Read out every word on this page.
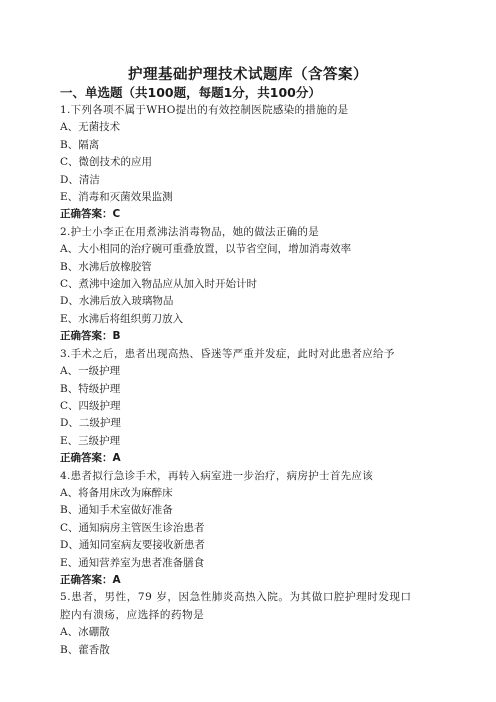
护理基础护理技术试题库（含答案）
一、单选题（共100题，每题1分，共100分）
1.下列各项不属于WHO提出的有效控制医院感染的措施的是
A、无菌技术
B、隔离
C、微创技术的应用
D、清洁
E、消毒和灭菌效果监测
正确答案：C
2.护士小李正在用煮沸法消毒物品，她的做法正确的是
A、大小相同的治疗碗可重叠放置，以节省空间，增加消毒效率
B、水沸后放橡胶管
C、煮沸中途加入物品应从加入时开始计时
D、水沸后放入玻璃物品
E、水沸后将组织剪刀放入
正确答案：B
3.手术之后，患者出现高热、昏迷等严重并发症，此时对此患者应给予
A、一级护理
B、特级护理
C、四级护理
D、二级护理
E、三级护理
正确答案：A
4.患者拟行急诊手术，再转入病室进一步治疗，病房护士首先应该
A、将备用床改为麻醉床
B、通知手术室做好准备
C、通知病房主管医生诊治患者
D、通知同室病友要接收新患者
E、通知营养室为患者准备膳食
正确答案：A
5.患者，男性，79 岁，因急性肺炎高热入院。为其做口腔护理时发现口
腔内有溃疡，应选择的药物是
A、冰硼散
B、藿香散
